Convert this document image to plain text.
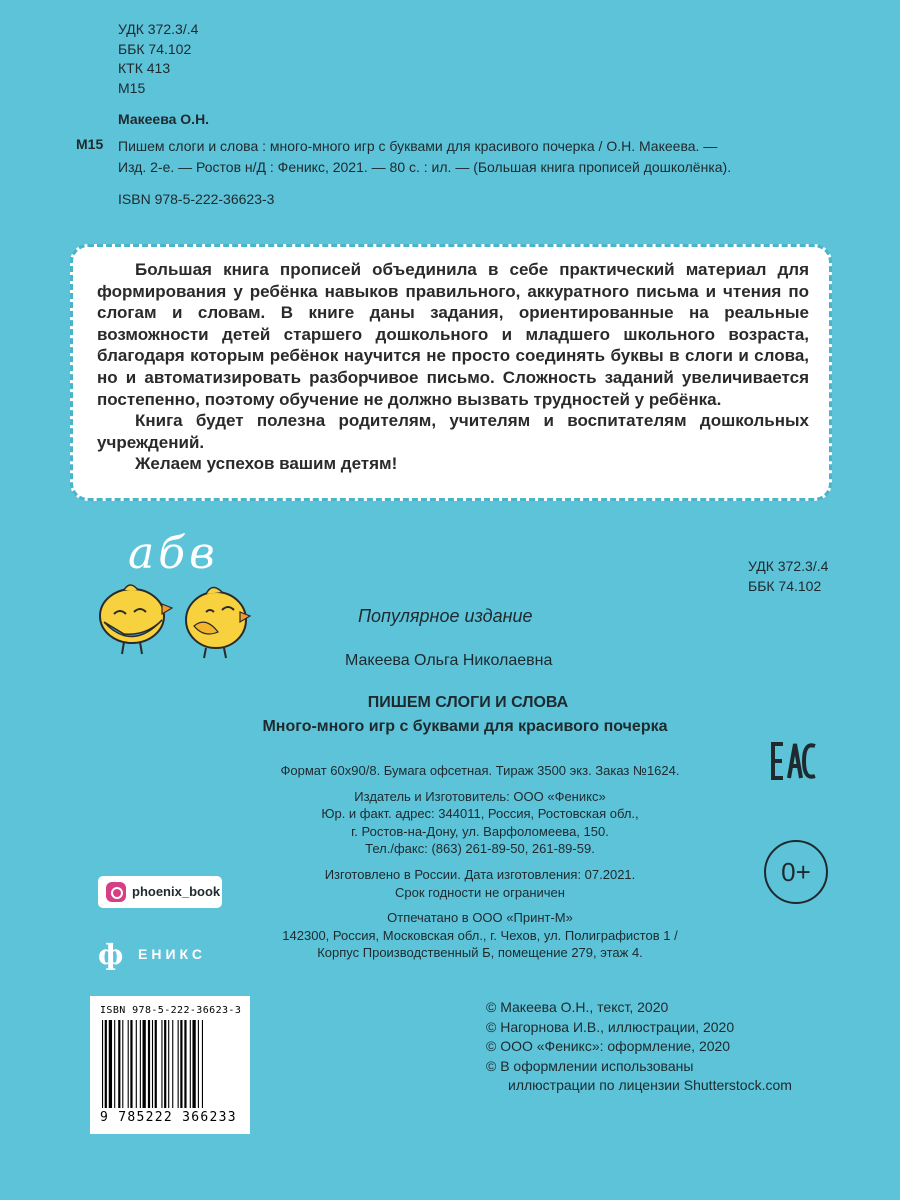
УДК 372.3/.4
ББК 74.102
КТК 413
М15
Макеева О.Н.
М15 Пишем слоги и слова : много-много игр с буквами для красивого почерка / О.Н. Макеева. —
Изд. 2-е. — Ростов н/Д : Феникс, 2021. — 80 с. : ил. — (Большая книга прописей дошколёнка).
ISBN 978-5-222-36623-3

Большая книга прописей объединила в себе практический материал для формирования у ребёнка навыков правильного, аккуратного письма и чтения по слогам и словам. В книге даны задания, ориентированные на реальные возможности детей старшего дошкольного и младшего школьного возраста, благодаря которым ребёнок научится не просто соединять буквы в слоги и слова, но и автоматизировать разборчивое письмо. Сложность заданий увеличивается постепенно, поэтому обучение не должно вызвать трудностей у ребёнка.

Книга будет полезна родителям, учителям и воспитателям дошкольных учреждений.

Желаем успехов вашим детям!

абв	УДК 372.3/.4
ББК 74.102
Популярное издание
Макеева Ольга Николаевна
ПИШЕМ СЛОГИ И СЛОВА
Много-много игр с буквами для красивого почерка
Формат 60x90/8. Бумага офсетная. Тираж 3500 экз. Заказ №1624.
Издатель и Изготовитель: ООО «Феникс»
Юр. и факт. адрес: 344011, Россия, Ростовская обл.,
г. Ростов-на-Дону, ул. Варфоломеева, 150.
Тел./факс: (863) 261-89-50, 261-89-59.
Изготовлено в России. Дата изготовления: 07.2021.
Срок годности не ограничен
Отпечатано в ООО «Принт-М»
142300, Россия, Московская обл., г. Чехов, ул. Полиграфистов 1 /
Корпус Производственный Б, помещение 279, этаж 4.
0+
phoenix_book
ф ЕНИКС
ISBN 978-5-222-36623-3
9 785222 366233
© Макеева О.Н., текст, 2020
© Нагорнова И.В., иллюстрации, 2020
© ООО «Феникс»: оформление, 2020
© В оформлении использованы
иллюстрации по лицензии Shutterstock.com
